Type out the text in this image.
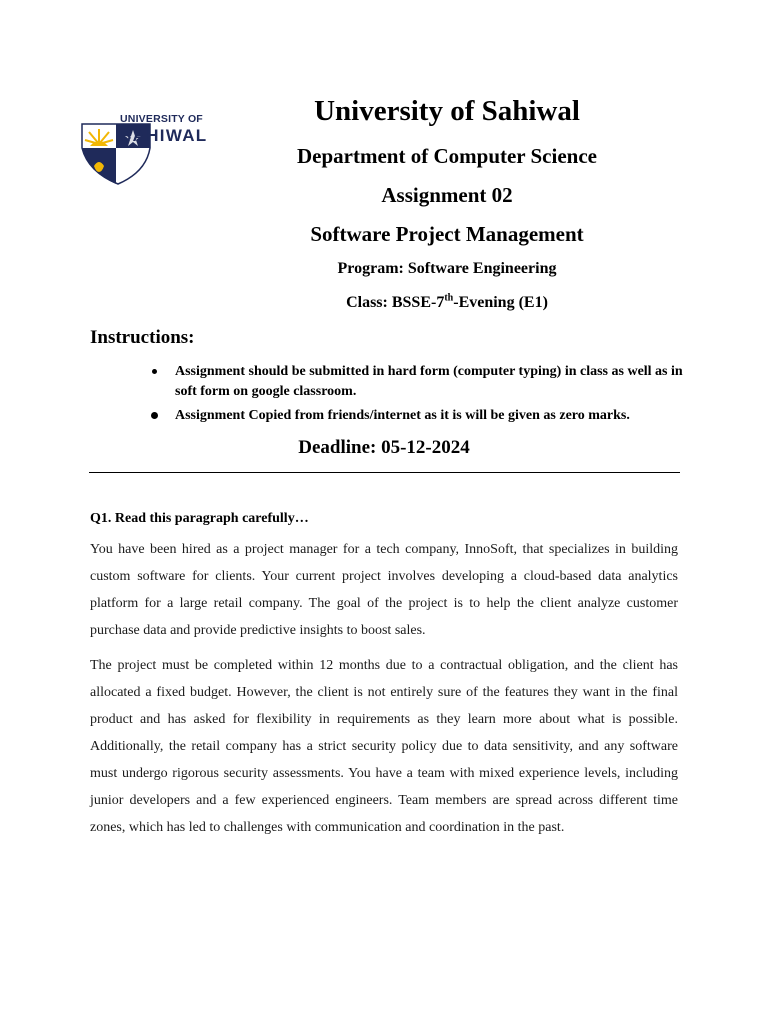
UNIVERSITY OF
SAHIWAL
University of Sahiwal
Department of Computer Science
Assignment 02
Software Project Management
Program: Software Engineering
Class: BSSE-7th-Evening (E1)
Instructions:
Assignment should be submitted in hard form (computer typing) in class as well as in soft form on google classroom.
Assignment Copied from friends/internet as it is will be given as zero marks.
Deadline: 05-12-2024
Q1. Read this paragraph carefully…
You have been hired as a project manager for a tech company, InnoSoft, that specializes in building custom software for clients. Your current project involves developing a cloud-based data analytics platform for a large retail company. The goal of the project is to help the client analyze customer purchase data and provide predictive insights to boost sales.
The project must be completed within 12 months due to a contractual obligation, and the client has allocated a fixed budget. However, the client is not entirely sure of the features they want in the final product and has asked for flexibility in requirements as they learn more about what is possible. Additionally, the retail company has a strict security policy due to data sensitivity, and any software must undergo rigorous security assessments. You have a team with mixed experience levels, including junior developers and a few experienced engineers. Team members are spread across different time zones, which has led to challenges with communication and coordination in the past.
